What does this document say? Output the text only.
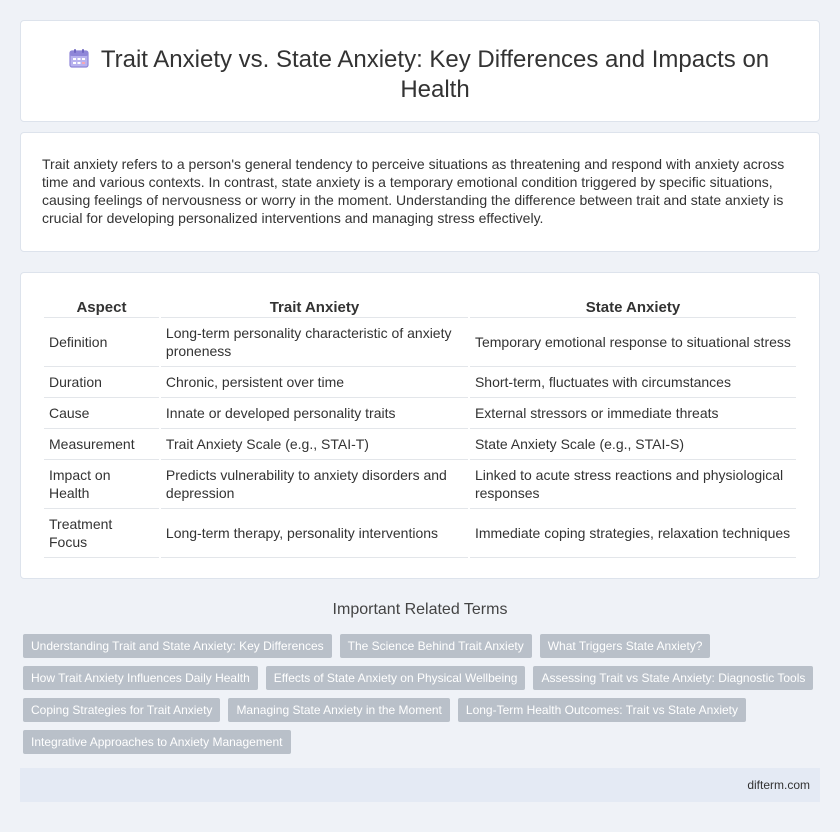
Trait Anxiety vs. State Anxiety: Key Differences and Impacts on Health

Trait anxiety refers to a person's general tendency to perceive situations as threatening and respond with anxiety across time and various contexts. In contrast, state anxiety is a temporary emotional condition triggered by specific situations, causing feelings of nervousness or worry in the moment. Understanding the difference between trait and state anxiety is crucial for developing personalized interventions and managing stress effectively.

Aspect	Trait Anxiety	State Anxiety
Definition	Long-term personality characteristic of anxiety proneness	Temporary emotional response to situational stress
Duration	Chronic, persistent over time	Short-term, fluctuates with circumstances
Cause	Innate or developed personality traits	External stressors or immediate threats
Measurement	Trait Anxiety Scale (e.g., STAI-T)	State Anxiety Scale (e.g., STAI-S)
Impact on Health	Predicts vulnerability to anxiety disorders and depression	Linked to acute stress reactions and physiological responses
Treatment Focus	Long-term therapy, personality interventions	Immediate coping strategies, relaxation techniques
Important Related Terms
Understanding Trait and State Anxiety: Key Differences	The Science Behind Trait Anxiety	What Triggers State Anxiety?
How Trait Anxiety Influences Daily Health	Effects of State Anxiety on Physical Wellbeing	Assessing Trait vs State Anxiety: Diagnostic Tools
Coping Strategies for Trait Anxiety	Managing State Anxiety in the Moment	Long-Term Health Outcomes: Trait vs State Anxiety
Integrative Approaches to Anxiety Management
difterm.com
